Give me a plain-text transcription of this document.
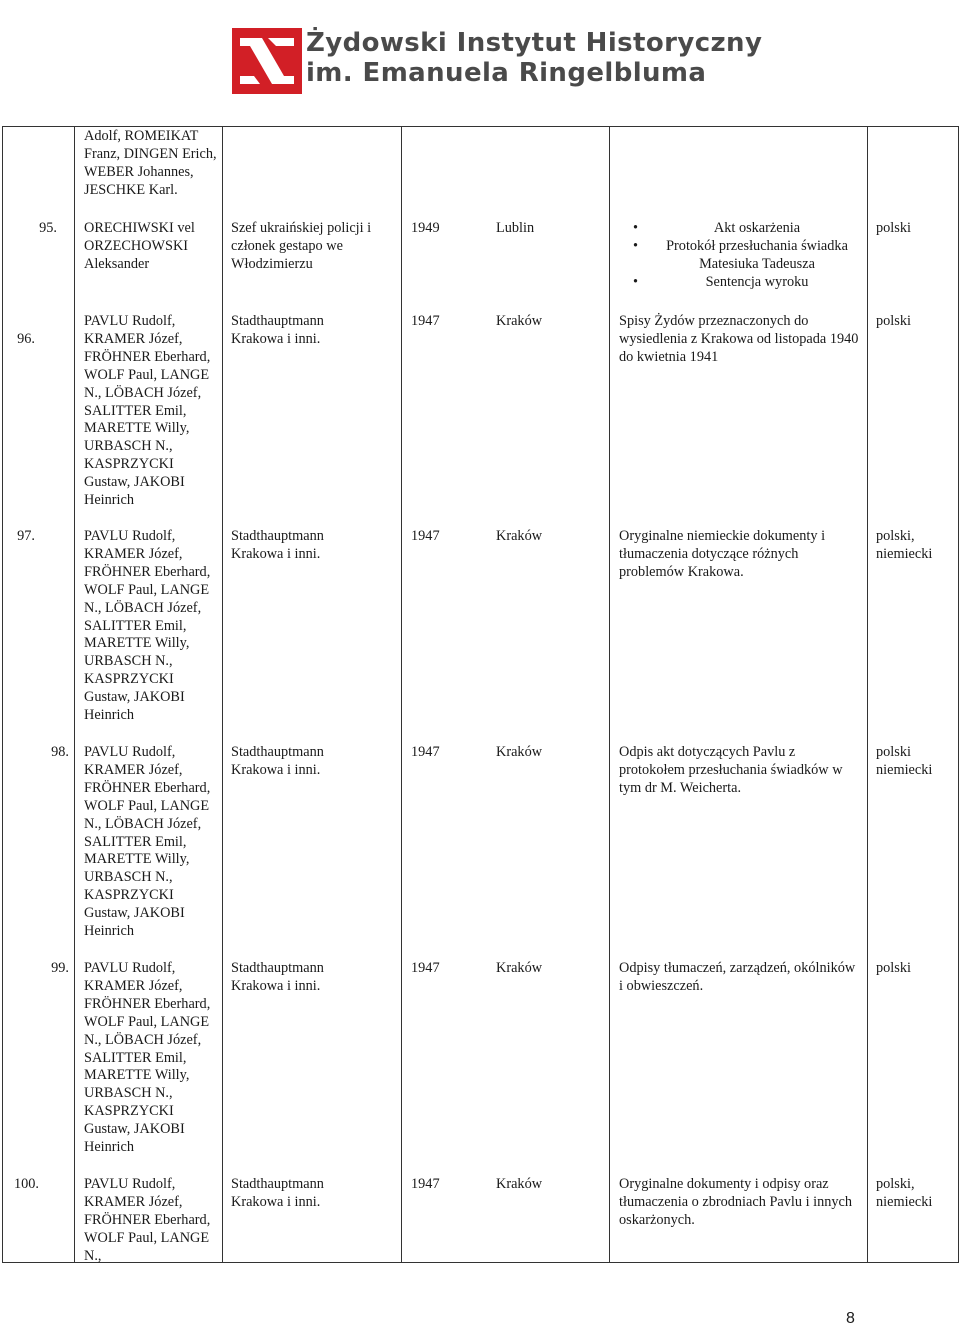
Żydowski Instytut Historyczny
im. Emanuela Ringelbluma
Adolf, ROMEIKAT Franz, DINGEN Erich, WEBER Johannes, JESCHKE Karl.
95. ORECHIWSKI vel ORZECHOWSKI Aleksander
Szef ukraińskiej policji i członek gestapo we Włodzimierzu
1949	Lublin
•	Akt oskarżenia
• Protokół przesłuchania świadka Matesiuka Tadeusza
• Sentencja wyroku
polski
96.
PAVLU Rudolf, KRAMER Józef, FRÖHNER Eberhard, WOLF Paul, LANGE N., LÖBACH Józef, SALITTER Emil, MARETTE Willy, URBASCH N., KASPRZYCKI Gustaw, JAKOBI Heinrich
Stadthauptmann Krakowa i inni.
1947	Kraków	Spisy Żydów przeznaczonych do wysiedlenia z Krakowa od listopada 1940 do kwietnia 1941
polski
97.	PAVLU Rudolf, KRAMER Józef, FRÖHNER Eberhard, WOLF Paul, LANGE N., LÖBACH Józef, SALITTER Emil, MARETTE Willy, URBASCH N., KASPRZYCKI Gustaw, JAKOBI Heinrich
Stadthauptmann Krakowa i inni.
1947	Kraków	Oryginalne niemieckie dokumenty i tłumaczenia dotyczące różnych problemów Krakowa.
polski, niemiecki
98. PAVLU Rudolf, KRAMER Józef, FRÖHNER Eberhard, WOLF Paul, LANGE N., LÖBACH Józef, SALITTER Emil, MARETTE Willy, URBASCH N., KASPRZYCKI Gustaw, JAKOBI Heinrich
Stadthauptmann Krakowa i inni.
1947	Kraków	Odpis akt dotyczących Pavlu z protokołem przesłuchania świadków w tym dr M. Weicherta.
polski niemiecki
99. PAVLU Rudolf, KRAMER Józef, FRÖHNER Eberhard, WOLF Paul, LANGE N., LÖBACH Józef, SALITTER Emil, MARETTE Willy, URBASCH N., KASPRZYCKI Gustaw, JAKOBI Heinrich
Stadthauptmann Krakowa i inni.
1947	Kraków	Odpisy tłumaczeń, zarządzeń, okólników i obwieszczeń.
polski
100.	PAVLU Rudolf, KRAMER Józef, FRÖHNER Eberhard, WOLF Paul, LANGE N.,
Stadthauptmann Krakowa i inni.
1947	Kraków	Oryginalne dokumenty i odpisy oraz tłumaczenia o zbrodniach Pavlu i innych oskarżonych.
polski, niemiecki
8
